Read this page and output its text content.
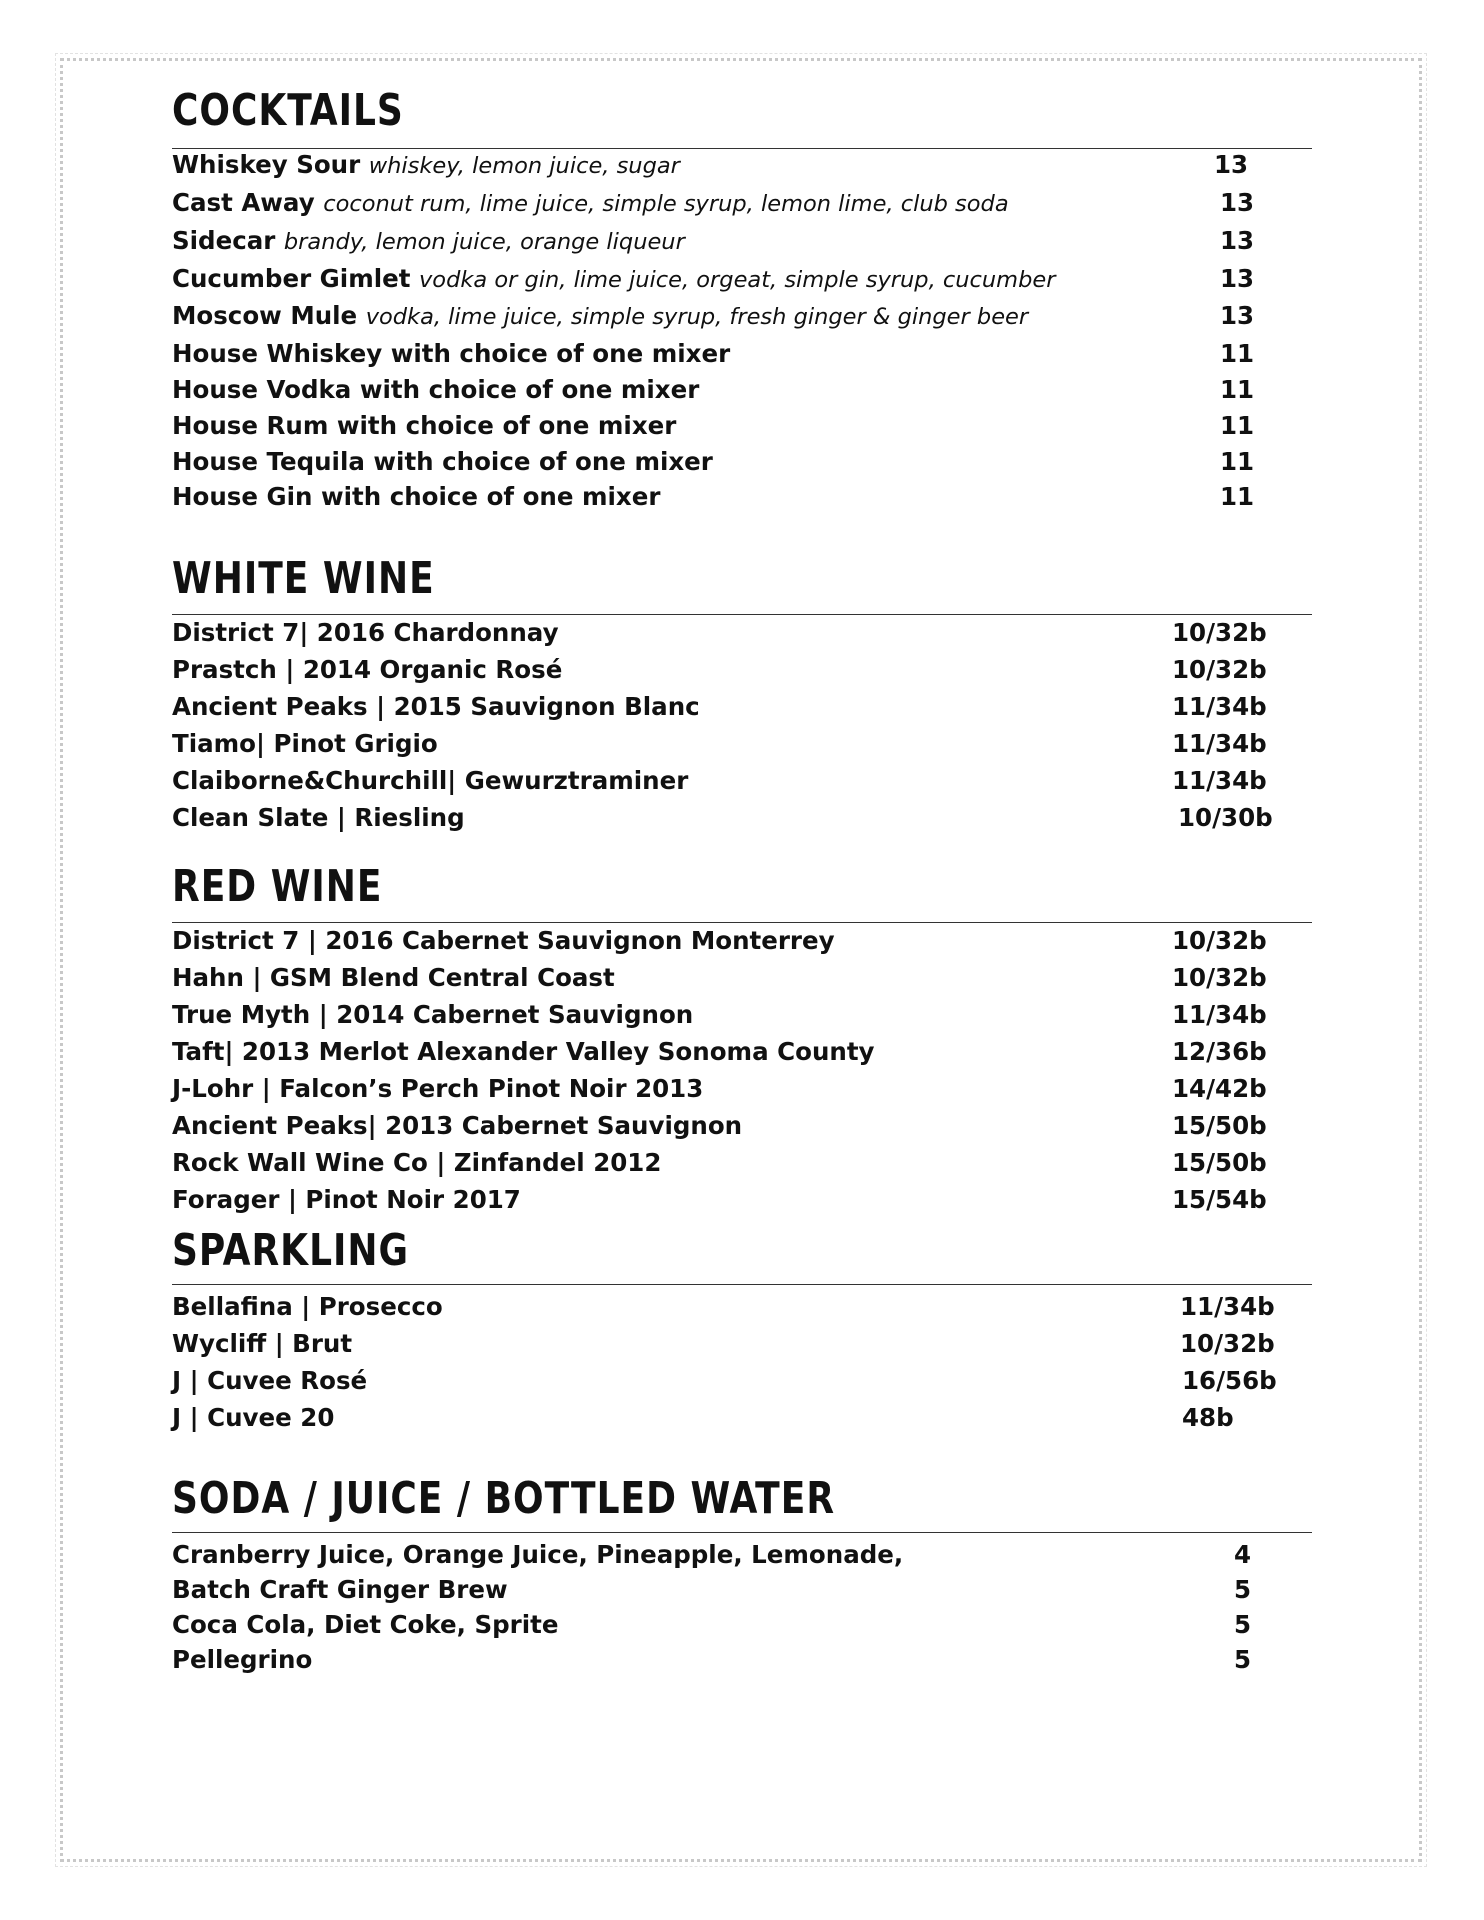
COCKTAILS
Whiskey Sour whiskey, lemon juice, sugar	13
Cast Away coconut rum, lime juice, simple syrup, lemon lime, club soda	13
Sidecar brandy, lemon juice, orange liqueur	13
Cucumber Gimlet vodka or gin, lime juice, orgeat, simple syrup, cucumber	13
Moscow Mule vodka, lime juice, simple syrup, fresh ginger & ginger beer	13
House Whiskey with choice of one mixer	11
House Vodka with choice of one mixer	11
House Rum with choice of one mixer	11
House Tequila with choice of one mixer	11
House Gin with choice of one mixer	11
WHITE WINE
District 7| 2016 Chardonnay	10/32b
Prastch | 2014 Organic Rosé	10/32b
Ancient Peaks | 2015 Sauvignon Blanc	11/34b
Tiamo| Pinot Grigio	11/34b
Claiborne&Churchill| Gewurztraminer	11/34b
Clean Slate | Riesling	10/30b
RED WINE
District 7 | 2016 Cabernet Sauvignon Monterrey	10/32b
Hahn | GSM Blend Central Coast	10/32b
True Myth | 2014 Cabernet Sauvignon	11/34b
Taft| 2013 Merlot Alexander Valley Sonoma County	12/36b
J-Lohr | Falcon’s Perch Pinot Noir 2013	14/42b
Ancient Peaks| 2013 Cabernet Sauvignon	15/50b
Rock Wall Wine Co | Zinfandel 2012	15/50b
Forager | Pinot Noir 2017	15/54b
SPARKLING
Bellafina | Prosecco	11/34b
Wycliff | Brut	10/32b
J | Cuvee Rosé	16/56b
J | Cuvee 20	48b
SODA / JUICE / BOTTLED WATER
Cranberry Juice, Orange Juice, Pineapple, Lemonade,	4
Batch Craft Ginger Brew	5
Coca Cola, Diet Coke, Sprite	5
Pellegrino	5
